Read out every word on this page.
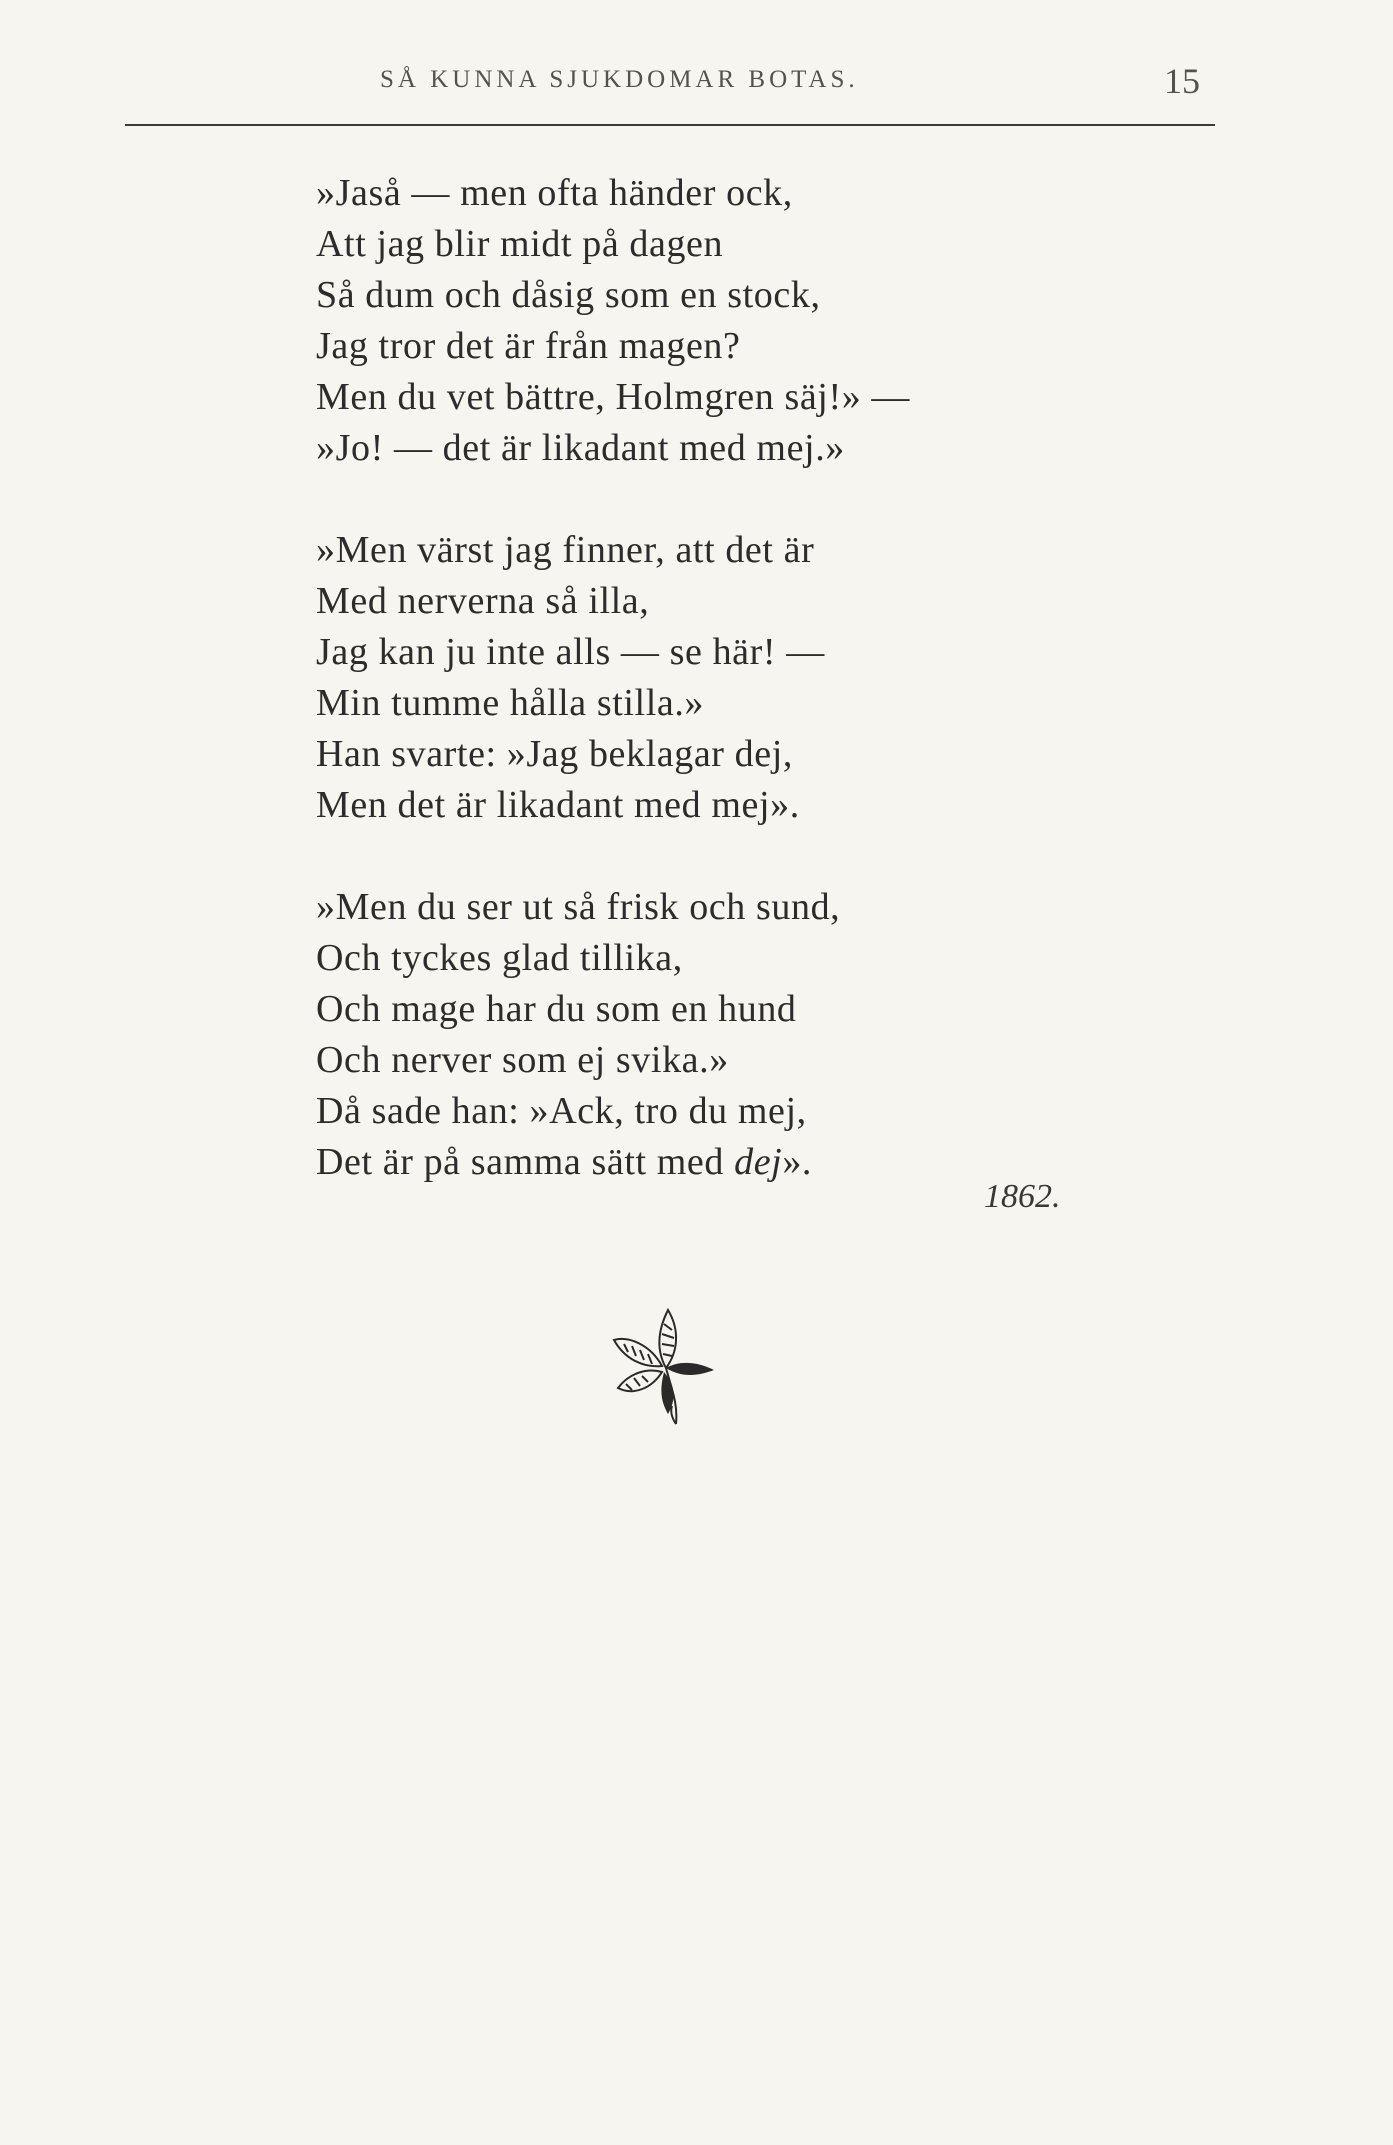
SÅ KUNNA SJUKDOMAR BOTAS.	15
»Jaså — men ofta händer ock,
Att jag blir midt på dagen
Så dum och dåsig som en stock,
Jag tror det är från magen?
Men du vet bättre, Holmgren säj!» —
»Jo! — det är likadant med mej.»
»Men värst jag finner, att det är
Med nerverna så illa,
Jag kan ju inte alls — se här! —
Min tumme hålla stilla.»
Han svarte: »Jag beklagar dej,
Men det är likadant med mej».
»Men du ser ut så frisk och sund,
Och tyckes glad tillika,
Och mage har du som en hund
Och nerver som ej svika.»
Då sade han: »Ack, tro du mej,
Det är på samma sätt med dej».
1862.
